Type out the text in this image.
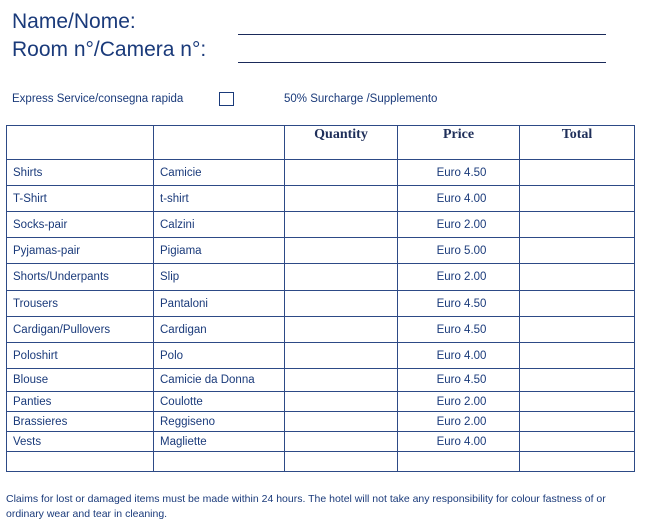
Name/Nome:
Room n°/Camera n°:
Express Service/consegna rapida	50% Surcharge /Supplemento
		Quantity	Price	Total
Shirts	Camicie		Euro 4.50	
T-Shirt	t-shirt		Euro 4.00	
Socks-pair	Calzini		Euro 2.00	
Pyjamas-pair	Pigiama		Euro 5.00	
Shorts/Underpants	Slip		Euro 2.00	
Trousers	Pantaloni		Euro 4.50	
Cardigan/Pullovers	Cardigan		Euro 4.50	
Poloshirt	Polo		Euro 4.00	
Blouse	Camicie da Donna		Euro 4.50	
Panties	Coulotte		Euro 2.00	
Brassieres	Reggiseno		Euro 2.00	
Vests	Magliette		Euro 4.00	

Claims for lost or damaged items must be made within 24 hours. The hotel will not take any responsibility for colour fastness of or ordinary wear and tear in cleaning.
